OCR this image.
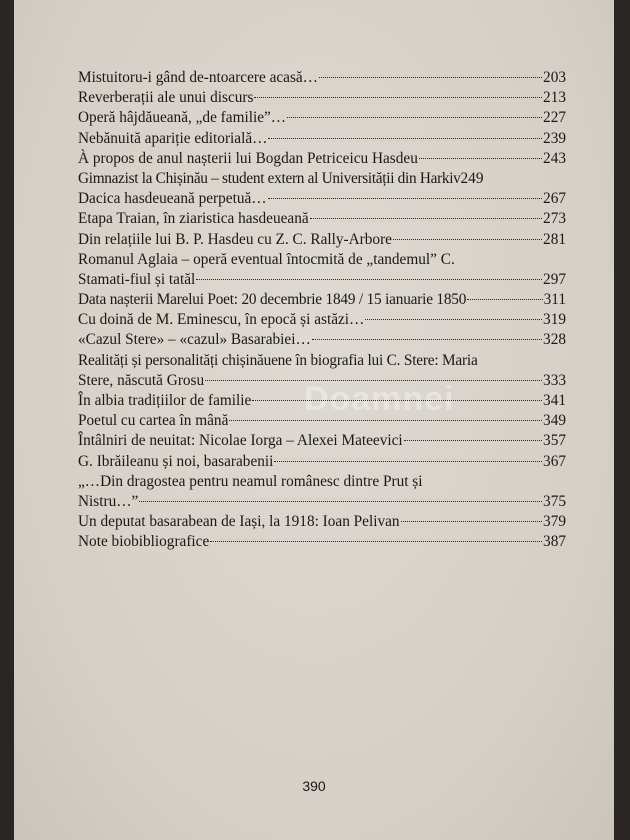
Doamnei
Mistuitoru-i gând de-ntoarcere acasă…	203
Reverberații ale unui discurs	213
Operă hâjdăueană, „de familie”…	227
Nebănuită apariție editorială…	239
À propos de anul nașterii lui Bogdan Petriceicu Hasdeu	243
Gimnazist la Chișinău – student extern al Universității din Harkiv 249
Dacica hasdeueană perpetuă…	267
Etapa Traian, în ziaristica hasdeueană	273
Din relațiile lui B. P. Hasdeu cu Z. C. Rally-Arbore	281
Romanul Aglaia – operă eventual întocmită de „tandemul” C.
Stamati-fiul și tatăl	297
Data nașterii Marelui Poet: 20 decembrie 1849 / 15 ianuarie 1850	311
Cu doină de M. Eminescu, în epocă și astăzi…	319
«Cazul Stere» – «cazul» Basarabiei…	328
Realități și personalități chișinăuene în biografia lui C. Stere: Maria
Stere, născută Grosu	333
În albia tradițiilor de familie	341
Poetul cu cartea în mână	349
Întâlniri de neuitat: Nicolae Iorga – Alexei Mateevici	357
G. Ibrăileanu și noi, basarabenii	367
„…Din dragostea pentru neamul românesc dintre Prut și
Nistru…”	375
Un deputat basarabean de Iași, la 1918: Ioan Pelivan	379
Note biobibliografice	387
390
